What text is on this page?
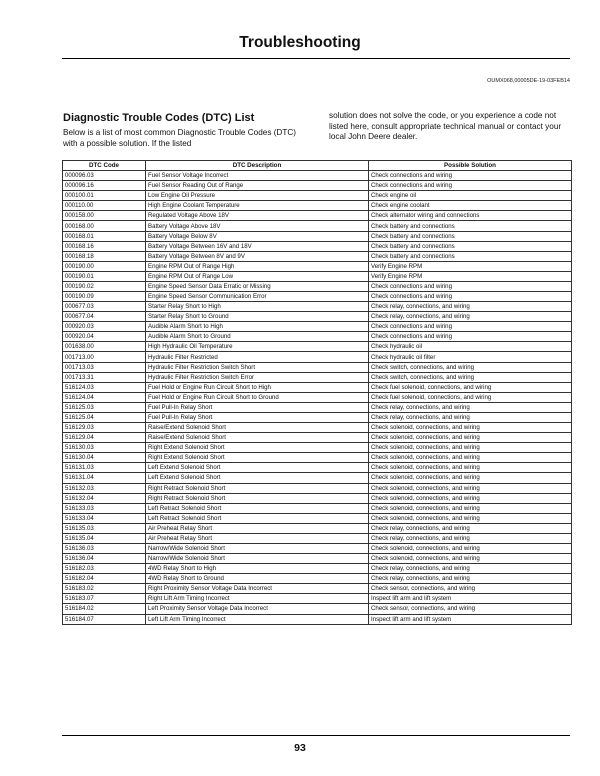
Troubleshooting
OUMX068,00005DE-19-03FEB14
Diagnostic Trouble Codes (DTC) List
Below is a list of most common Diagnostic Trouble Codes (DTC) with a possible solution. If the listed
solution does not solve the code, or you experience a code not listed here, consult appropriate technical manual or contact your local John Deere dealer.
DTC Code	DTC Description	Possible Solution
000096.03	Fuel Sensor Voltage Incorrect	Check connections and wiring
000096.16	Fuel Sensor Reading Out of Range	Check connections and wiring
000100.01	Low Engine Oil Pressure	Check engine oil
000110.00	High Engine Coolant Temperature	Check engine coolant
000158.00	Regulated Voltage Above 18V	Check alternator wiring and connections
000168.00	Battery Voltage Above 18V	Check battery and connections
000168.01	Battery Voltage Below 8V	Check battery and connections
000168.16	Battery Voltage Between 16V and 18V	Check battery and connections
000168.18	Battery Voltage Between 8V and 9V	Check battery and connections
000190.00	Engine RPM Out of Range High	Verify Engine RPM
000190.01	Engine RPM Out of Range Low	Verify Engine RPM
000190.02	Engine Speed Sensor Data Erratic or Missing	Check connections and wiring
000190.09	Engine Speed Sensor Communication Error	Check connections and wiring
000677.03	Starter Relay Short to High	Check relay, connections, and wiring
000677.04	Starter Relay Short to Ground	Check relay, connections, and wiring
000920.03	Audible Alarm Short to High	Check connections and wiring
000920.04	Audible Alarm Short to Ground	Check connections and wiring
001638.00	High Hydraulic Oil Temperature	Check hydraulic oil
001713.00	Hydraulic Filter Restricted	Check hydraulic oil filter
001713.03	Hydraulic Filter Restriction Switch Short	Check switch, connections, and wiring
001713.31	Hydraulic Filter Restriction Switch Error	Check switch, connections, and wiring
516124.03	Fuel Hold or Engine Run Circuit Short to High	Check fuel solenoid, connections, and wiring
516124.04	Fuel Hold or Engine Run Circuit Short to Ground	Check fuel solenoid, connections, and wiring
516125.03	Fuel Pull-In Relay Short	Check relay, connections, and wiring
516125.04	Fuel Pull-In Relay Short	Check relay, connections, and wiring
516129.03	Raise/Extend Solenoid Short	Check solenoid, connections, and wiring
516129.04	Raise/Extend Solenoid Short	Check solenoid, connections, and wiring
516130.03	Right Extend Solenoid Short	Check solenoid, connections, and wiring
516130.04	Right Extend Solenoid Short	Check solenoid, connections, and wiring
516131.03	Left Extend Solenoid Short	Check solenoid, connections, and wiring
516131.04	Left Extend Solenoid Short	Check solenoid, connections, and wiring
516132.03	Right Retract Solenoid Short	Check solenoid, connections, and wiring
516132.04	Right Retract Solenoid Short	Check solenoid, connections, and wiring
516133.03	Left Retract Solenoid Short	Check solenoid, connections, and wiring
516133.04	Left Retract Solenoid Short	Check solenoid, connections, and wiring
516135.03	Air Preheat Relay Short	Check relay, connections, and wiring
516135.04	Air Preheat Relay Short	Check relay, connections, and wiring
516136.03	Narrow/Wide Solenoid Short	Check solenoid, connections, and wiring
516136.04	Narrow/Wide Solenoid Short	Check solenoid, connections, and wiring
516182.03	4WD Relay Short to High	Check relay, connections, and wiring
516182.04	4WD Relay Short to Ground	Check relay, connections, and wiring
516183.02	Right Proximity Sensor Voltage Data Incorrect	Check sensor, connections, and wiring
516183.07	Right Lift Arm Timing Incorrect	Inspect lift arm and lift system
516184.02	Left Proximity Sensor Voltage Data Incorrect	Check sensor, connections, and wiring
516184.07	Left Lift Arm Timing Incorrect	Inspect lift arm and lift system
93
